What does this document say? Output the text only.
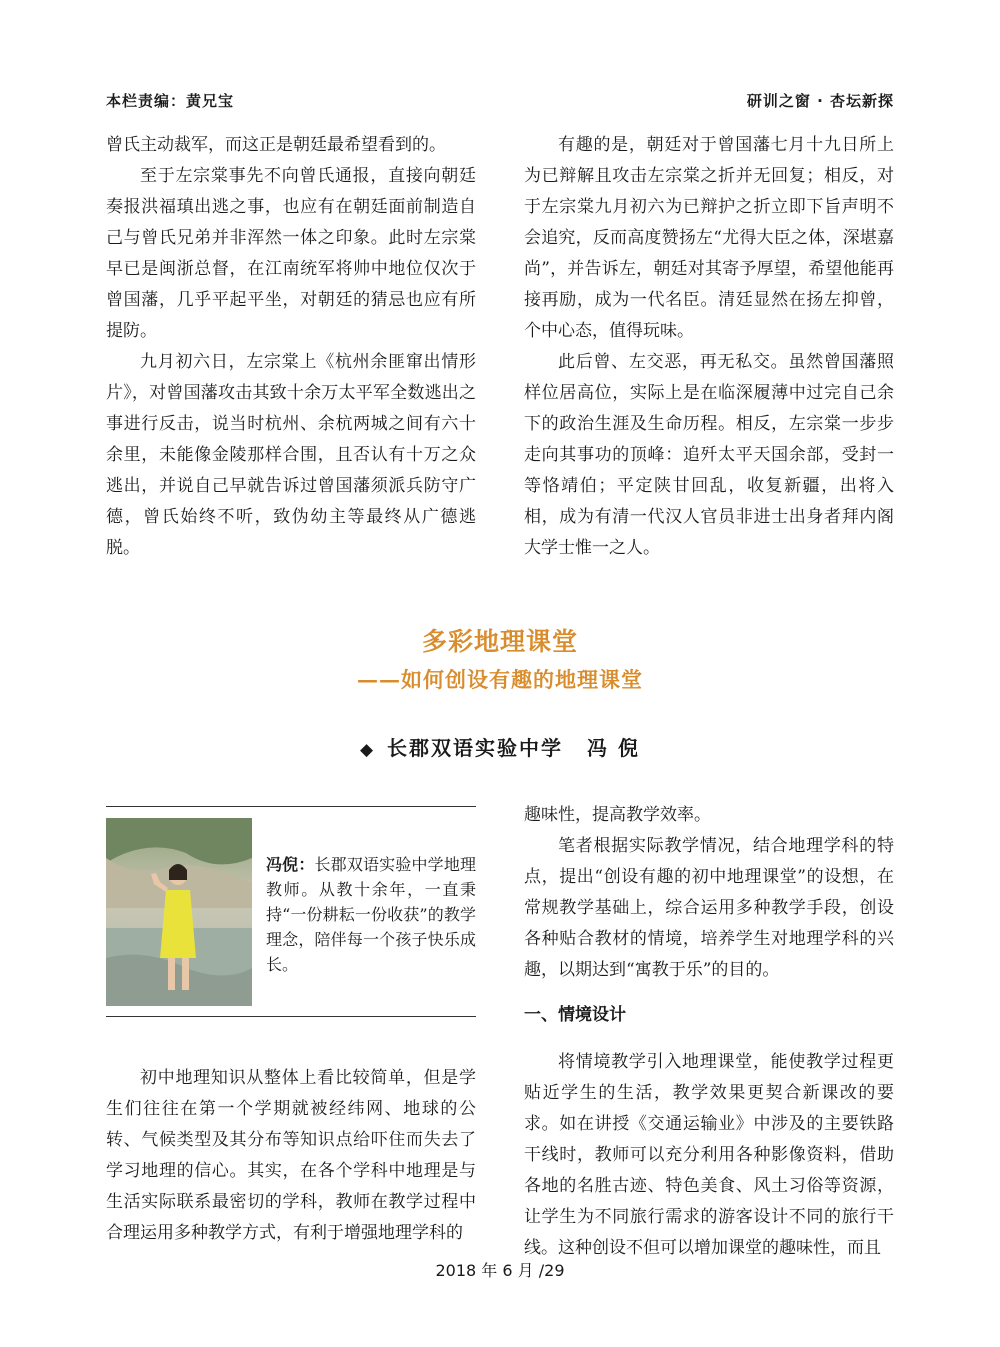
本栏责编：黄兄宝	研训之窗 · 杏坛新探

曾氏主动裁军，而这正是朝廷最希望看到的。

至于左宗棠事先不向曾氏通报，直接向朝廷奏报洪福瑱出逃之事，也应有在朝廷面前制造自己与曾氏兄弟并非浑然一体之印象。此时左宗棠早已是闽浙总督，在江南统军将帅中地位仅次于曾国藩，几乎平起平坐，对朝廷的猜忌也应有所提防。

九月初六日，左宗棠上《杭州余匪窜出情形片》，对曾国藩攻击其致十余万太平军全数逃出之事进行反击，说当时杭州、余杭两城之间有六十余里，未能像金陵那样合围，且否认有十万之众逃出，并说自己早就告诉过曾国藩须派兵防守广德，曾氏始终不听，致伪幼主等最终从广德逃脱。

有趣的是，朝廷对于曾国藩七月十九日所上为已辩解且攻击左宗棠之折并无回复；相反，对于左宗棠九月初六为已辩护之折立即下旨声明不会追究，反而高度赞扬左“尤得大臣之体，深堪嘉尚”，并告诉左，朝廷对其寄予厚望，希望他能再接再励，成为一代名臣。清廷显然在扬左抑曾，个中心态，值得玩味。

此后曾、左交恶，再无私交。虽然曾国藩照样位居高位，实际上是在临深履薄中过完自己余下的政治生涯及生命历程。相反，左宗棠一步步走向其事功的顶峰：追歼太平天国余部，受封一等恪靖伯；平定陕甘回乱，收复新疆，出将入相，成为有清一代汉人官员非进士出身者拜内阁大学士惟一之人。

多彩地理课堂
——如何创设有趣的地理课堂
◆ 长郡双语实验中学 冯 倪
冯倪：长郡双语实验中学地理教师。从教十余年，一直秉持“一份耕耘一份收获”的教学理念，陪伴每一个孩子快乐成长。

初中地理知识从整体上看比较简单，但是学生们往往在第一个学期就被经纬网、地球的公转、气候类型及其分布等知识点给吓住而失去了学习地理的信心。其实，在各个学科中地理是与生活实际联系最密切的学科，教师在教学过程中合理运用多种教学方式，有利于增强地理学科的

趣味性，提高教学效率。

笔者根据实际教学情况，结合地理学科的特点，提出“创设有趣的初中地理课堂”的设想，在常规教学基础上，综合运用多种教学手段，创设各种贴合教材的情境，培养学生对地理学科的兴趣，以期达到“寓教于乐”的目的。

一、情境设计

将情境教学引入地理课堂，能使教学过程更贴近学生的生活，教学效果更契合新课改的要求。如在讲授《交通运输业》中涉及的主要铁路干线时，教师可以充分利用各种影像资料，借助各地的名胜古迹、特色美食、风土习俗等资源，让学生为不同旅行需求的游客设计不同的旅行干线。这种创设不但可以增加课堂的趣味性，而且

2018 年 6 月 /29
